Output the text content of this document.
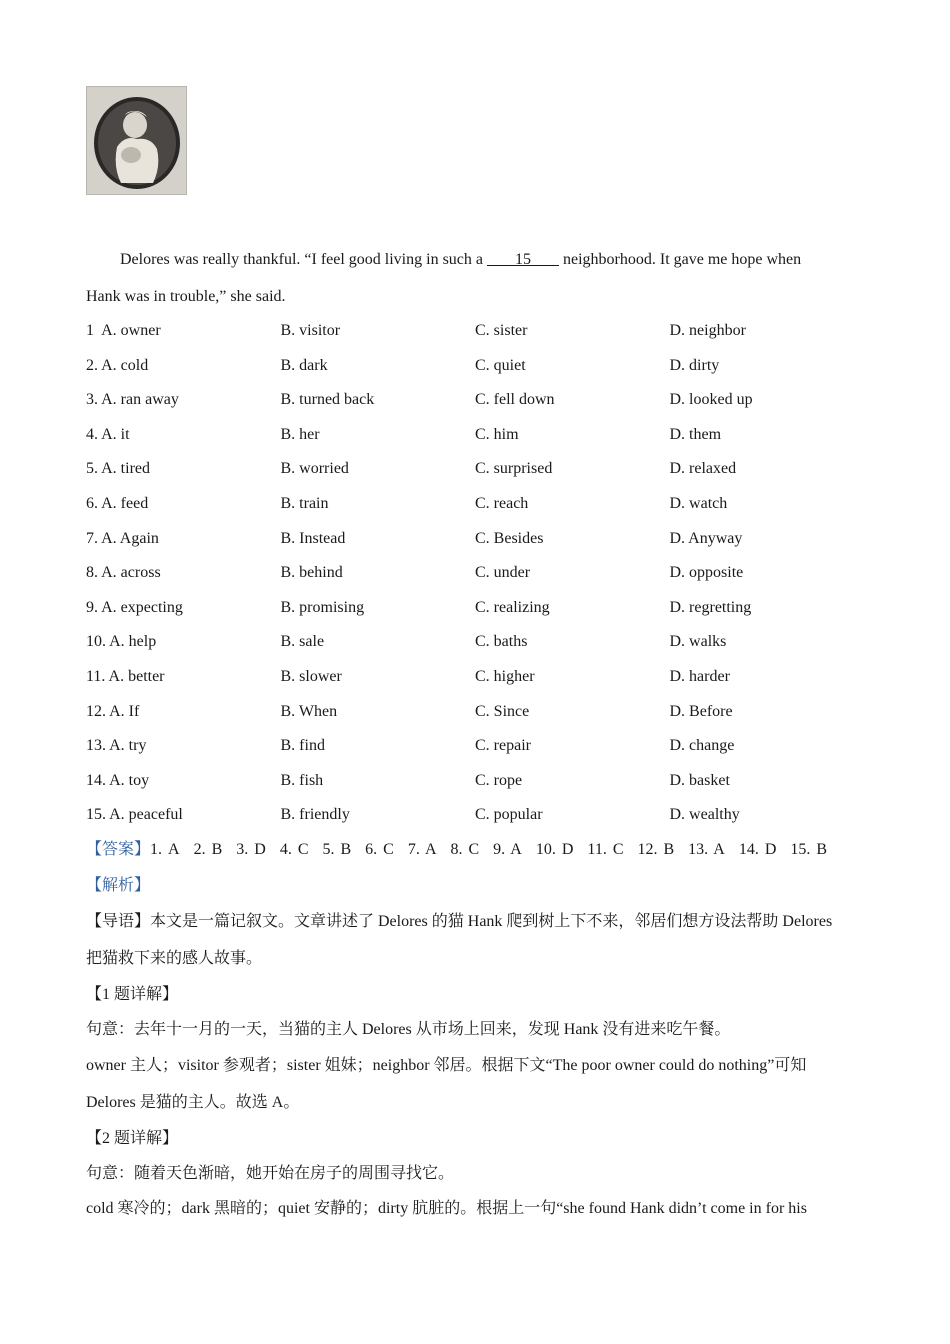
Delores was really thankful. “I feel good living in such a        15        neighborhood. It gave me hope when
Hank was in trouble,” she said.
1 A. owner	B. visitor	C. sister	D. neighbor
2. A. cold	B. dark	C. quiet	D. dirty
3. A. ran away	B. turned back	C. fell down	D. looked up
4. A. it	B. her	C. him	D. them
5. A. tired	B. worried	C. surprised	D. relaxed
6. A. feed	B. train	C. reach	D. watch
7. A. Again	B. Instead	C. Besides	D. Anyway
8. A. across	B. behind	C. under	D. opposite
9. A. expecting	B. promising	C. realizing	D. regretting
10. A. help	B. sale	C. baths	D. walks
11. A. better	B. slower	C. higher	D. harder
12. A. If	B. When	C. Since	D. Before
13. A. try	B. find	C. repair	D. change
14. A. toy	B. fish	C. rope	D. basket
15. A. peaceful	B. friendly	C. popular	D. wealthy
【答案】1. A 2. B 3. D 4. C 5. B 6. C 7. A 8. C 9. A 10. D 11. C 12. B 13. A 14. D 15. B
【解析】
【导语】本文是一篇记叙文。文章讲述了 Delores 的猫 Hank 爬到树上下不来，邻居们想方设法帮助 Delores
把猫救下来的感人故事。
【1 题详解】
句意：去年十一月的一天，当猫的主人 Delores 从市场上回来，发现 Hank 没有进来吃午餐。
owner 主人；visitor 参观者；sister 姐妹；neighbor 邻居。根据下文“The poor owner could do nothing”可知
Delores 是猫的主人。故选 A。
【2 题详解】
句意：随着天色渐暗，她开始在房子的周围寻找它。
cold 寒冷的；dark 黑暗的；quiet 安静的；dirty 肮脏的。根据上一句“she found Hank didn’t come in for his
